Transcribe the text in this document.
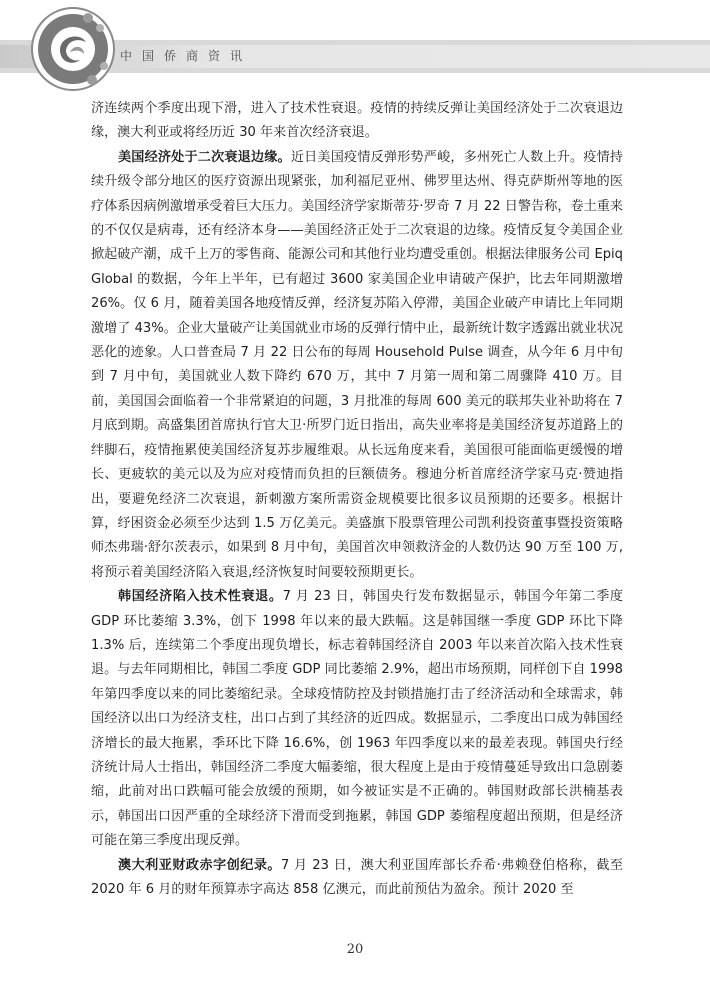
中国侨商资讯

济连续两个季度出现下滑，进入了技术性衰退。疫情的持续反弹让美国经济处于二次衰退边缘，澳大利亚或将经历近 30 年来首次经济衰退。

美国经济处于二次衰退边缘。近日美国疫情反弹形势严峻，多州死亡人数上升。疫情持续升级令部分地区的医疗资源出现紧张，加利福尼亚州、佛罗里达州、得克萨斯州等地的医疗体系因病例激增承受着巨大压力。美国经济学家斯蒂芬·罗奇 7 月 22 日警告称，卷土重来的不仅仅是病毒，还有经济本身——美国经济正处于二次衰退的边缘。疫情反复令美国企业掀起破产潮，成千上万的零售商、能源公司和其他行业均遭受重创。根据法律服务公司 Epiq Global 的数据，今年上半年，已有超过 3600 家美国企业申请破产保护，比去年同期激增 26%。仅 6 月，随着美国各地疫情反弹，经济复苏陷入停滞，美国企业破产申请比上年同期激增了 43%。企业大量破产让美国就业市场的反弹行情中止，最新统计数字透露出就业状况恶化的迹象。人口普查局 7 月 22 日公布的每周 Household Pulse 调查，从今年 6 月中旬到 7 月中旬，美国就业人数下降约 670 万，其中 7 月第一周和第二周骤降 410 万。目前，美国国会面临着一个非常紧迫的问题，3 月批准的每周 600 美元的联邦失业补助将在 7 月底到期。高盛集团首席执行官大卫·所罗门近日指出，高失业率将是美国经济复苏道路上的绊脚石，疫情拖累使美国经济复苏步履维艰。从长远角度来看，美国很可能面临更缓慢的增长、更疲软的美元以及为应对疫情而负担的巨额债务。穆迪分析首席经济学家马克·赞迪指出，要避免经济二次衰退，新刺激方案所需资金规模要比很多议员预期的还要多。根据计算，纾困资金必须至少达到 1.5 万亿美元。美盛旗下股票管理公司凯利投资董事暨投资策略师杰弗瑞·舒尔茨表示，如果到 8 月中旬，美国首次申领救济金的人数仍达 90 万至 100 万,将预示着美国经济陷入衰退,经济恢复时间要较预期更长。

韩国经济陷入技术性衰退。7 月 23 日，韩国央行发布数据显示，韩国今年第二季度 GDP 环比萎缩 3.3%，创下 1998 年以来的最大跌幅。这是韩国继一季度 GDP 环比下降 1.3% 后，连续第二个季度出现负增长，标志着韩国经济自 2003 年以来首次陷入技术性衰退。与去年同期相比，韩国二季度 GDP 同比萎缩 2.9%，超出市场预期，同样创下自 1998 年第四季度以来的同比萎缩纪录。全球疫情防控及封锁措施打击了经济活动和全球需求，韩国经济以出口为经济支柱，出口占到了其经济的近四成。数据显示，二季度出口成为韩国经济增长的最大拖累，季环比下降 16.6%，创 1963 年四季度以来的最差表现。韩国央行经济统计局人士指出，韩国经济二季度大幅萎缩，很大程度上是由于疫情蔓延导致出口急剧萎缩，此前对出口跌幅可能会放缓的预期，如今被证实是不正确的。韩国财政部长洪楠基表示，韩国出口因严重的全球经济下滑而受到拖累，韩国 GDP 萎缩程度超出预期，但是经济可能在第三季度出现反弹。

澳大利亚财政赤字创纪录。7 月 23 日，澳大利亚国库部长乔希·弗赖登伯格称，截至 2020 年 6 月的财年预算赤字高达 858 亿澳元，而此前预估为盈余。预计 2020 至

20
